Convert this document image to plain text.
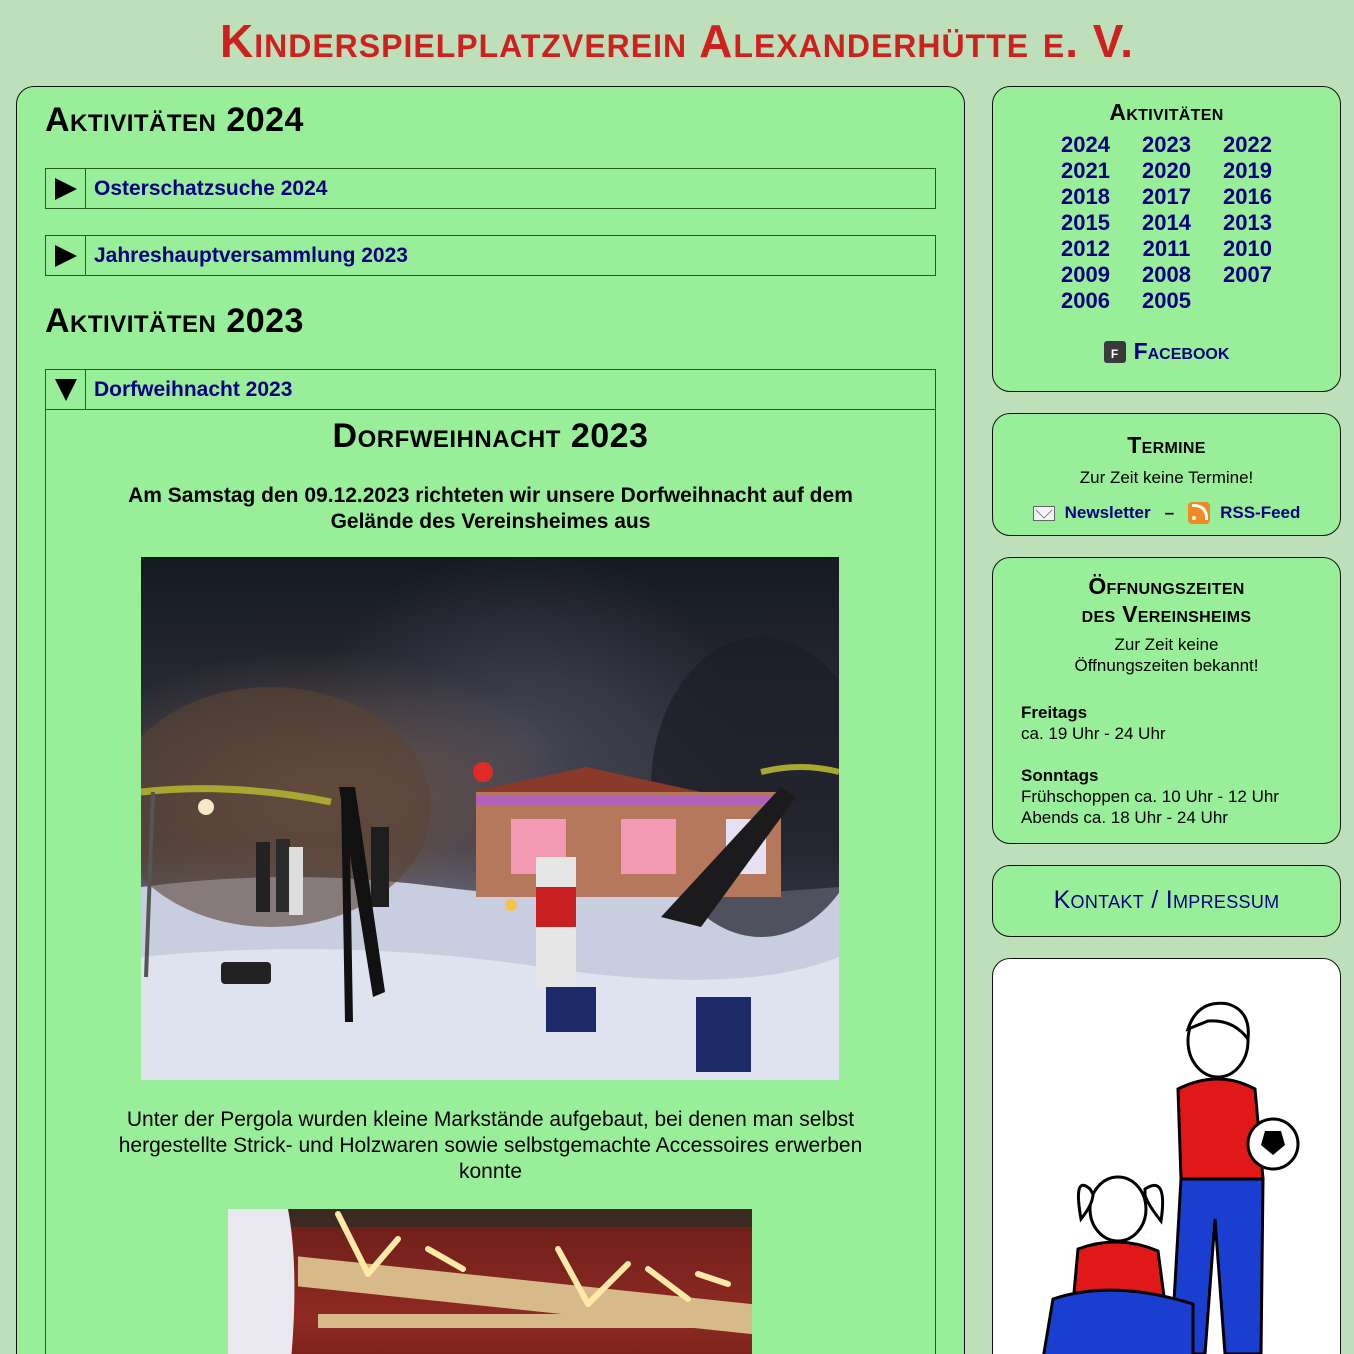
Kinderspielplatzverein Alexanderhütte e. V.
Aktivitäten 2024
Osterschatzsuche 2024
Jahreshauptversammlung 2023
Aktivitäten 2023
Dorfweihnacht 2023
Dorfweihnacht 2023

Am Samstag den 09.12.2023 richteten wir unsere Dorfweihnacht auf dem Gelände des Vereinsheimes aus

Unter der Pergola wurden kleine Markstände aufgebaut, bei denen man selbst hergestellte Strick- und Holzwaren sowie selbstgemachte Accessoires erwerben konnte

Aktivitäten
2024	2023	2022
2021	2020	2019
2018	2017	2016
2015	2014	2013
2012	2011	2010
2009	2008	2007
2006	2005
f Facebook
Termine
Zur Zeit keine Termine!
Newsletter –	RSS-Feed
Öffnungszeiten
des Vereinsheims
Zur Zeit keine
Öffnungszeiten bekannt!
Freitags
ca. 19 Uhr - 24 Uhr
Sonntags
Frühschoppen ca. 10 Uhr - 12 Uhr
Abends ca. 18 Uhr - 24 Uhr
Kontakt / Impressum
